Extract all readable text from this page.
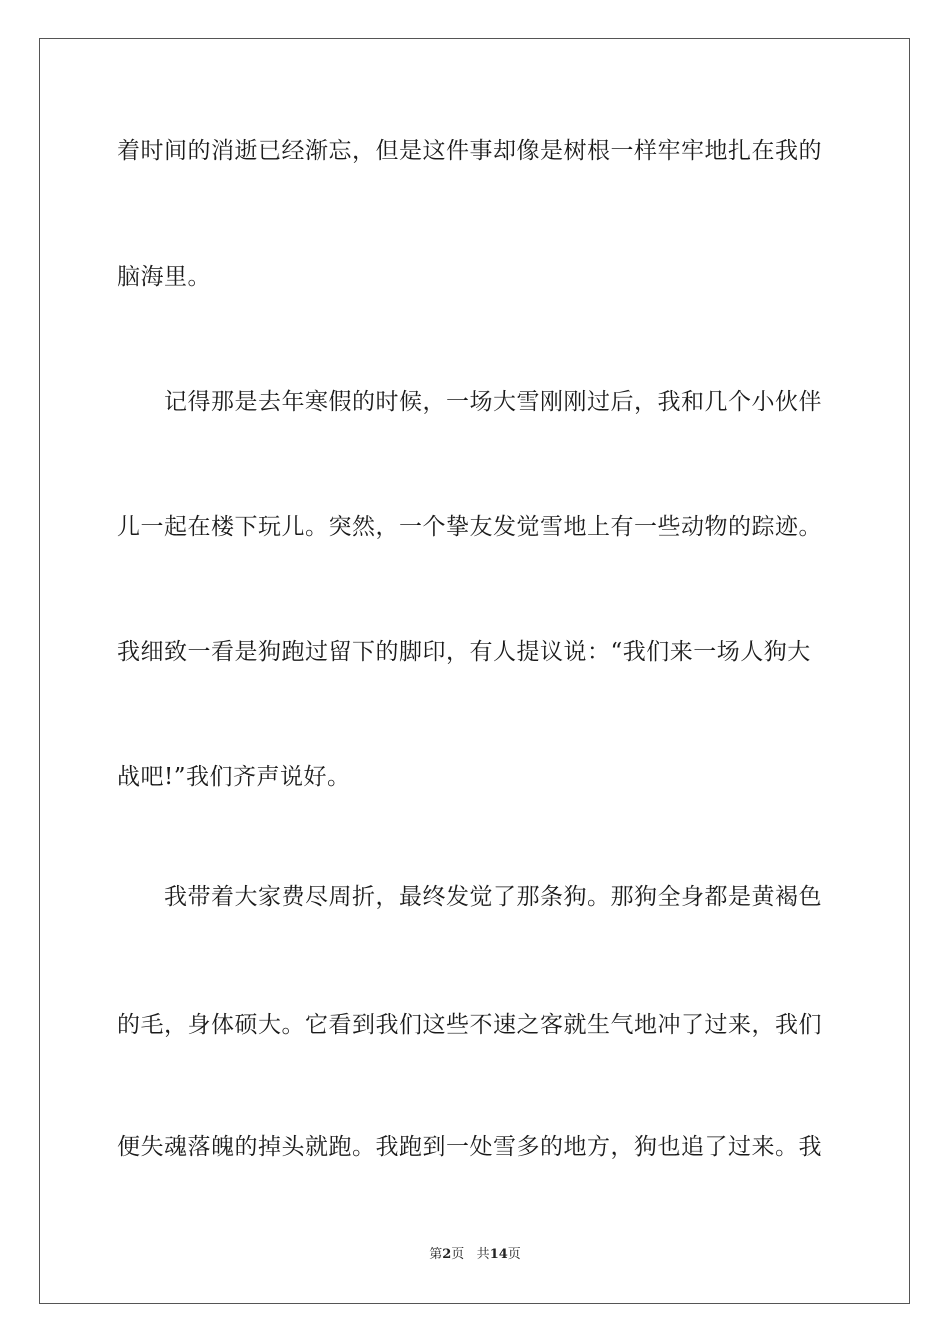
着时间的消逝已经渐忘，但是这件事却像是树根一样牢牢地扎在我的
脑海里。
　　记得那是去年寒假的时候，一场大雪刚刚过后，我和几个小伙伴
儿一起在楼下玩儿。突然，一个挚友发觉雪地上有一些动物的踪迹。
我细致一看是狗跑过留下的脚印，有人提议说：“我们来一场人狗大
战吧!”我们齐声说好。
　　我带着大家费尽周折，最终发觉了那条狗。那狗全身都是黄褐色
的毛，身体硕大。它看到我们这些不速之客就生气地冲了过来，我们
便失魂落魄的掉头就跑。我跑到一处雪多的地方，狗也追了过来。我
第2页 共14页
